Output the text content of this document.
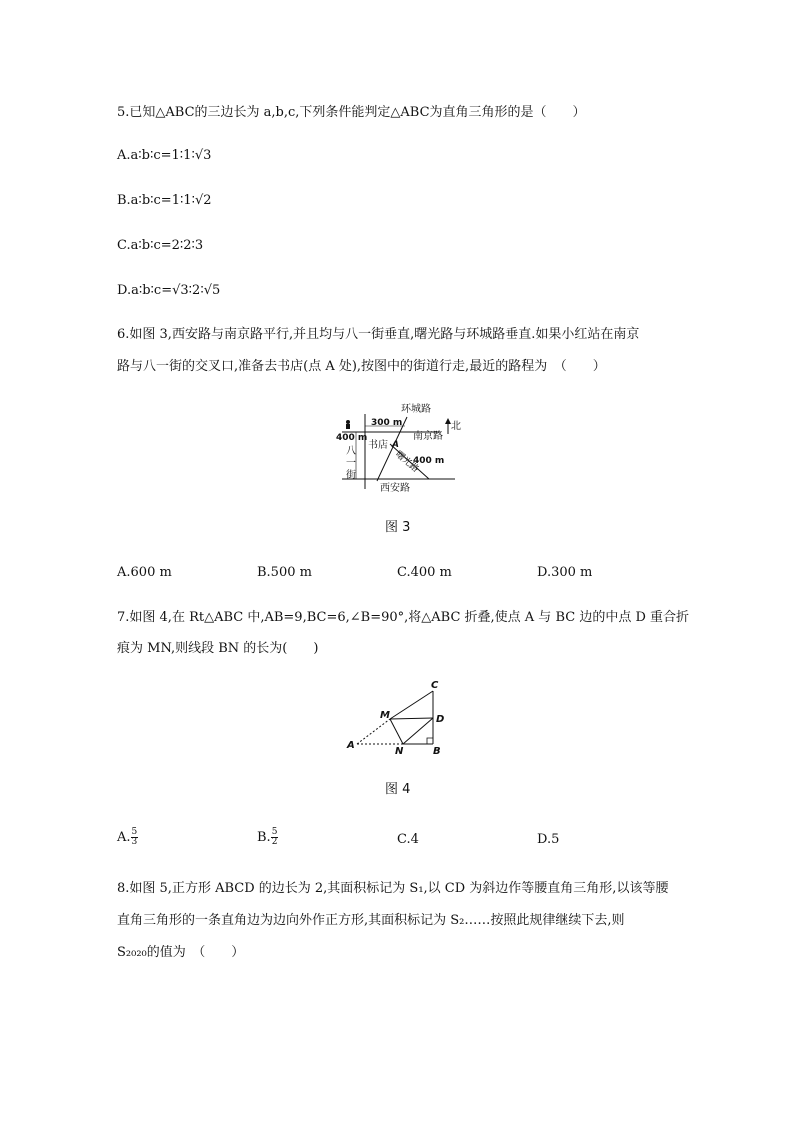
5.已知△ABC的三边长为 a,b,c,下列条件能判定△ABC为直角三角形的是（　　）
A.a∶b∶c=1∶1∶√3
B.a∶b∶c=1∶1∶√2
C.a∶b∶c=2∶2∶3
D.a∶b∶c=√3∶2∶√5
6.如图 3,西安路与南京路平行,并且均与八一街垂直,曙光路与环城路垂直.如果小红站在南京
路与八一街的交叉口,准备去书店(点 A 处),按图中的街道行走,最近的路程为　（　　）
环城路
300 m	北
南京路
400 m
八
一
街
书店 A
400 m
曙光路
西安路
图 3
A.600 m	B.500 m	C.400 m	D.300 m
7.如图 4,在 Rt△ABC 中,AB=9,BC=6,∠B=90°,将△ABC 折叠,使点 A 与 BC 边的中点 D 重合折
痕为 MN,则线段 BN 的长为(　　)
C
M	D
A
N	B
图 4
A. $\frac{5}{3}$	B. $\frac{5}{2}$	C.4	D.5
8.如图 5,正方形 ABCD 的边长为 2,其面积标记为 S₁,以 CD 为斜边作等腰直角三角形,以该等腰
直角三角形的一条直角边为边向外作正方形,其面积标记为 S₂……按照此规律继续下去,则
S₂₀₂₀的值为　（　　）
